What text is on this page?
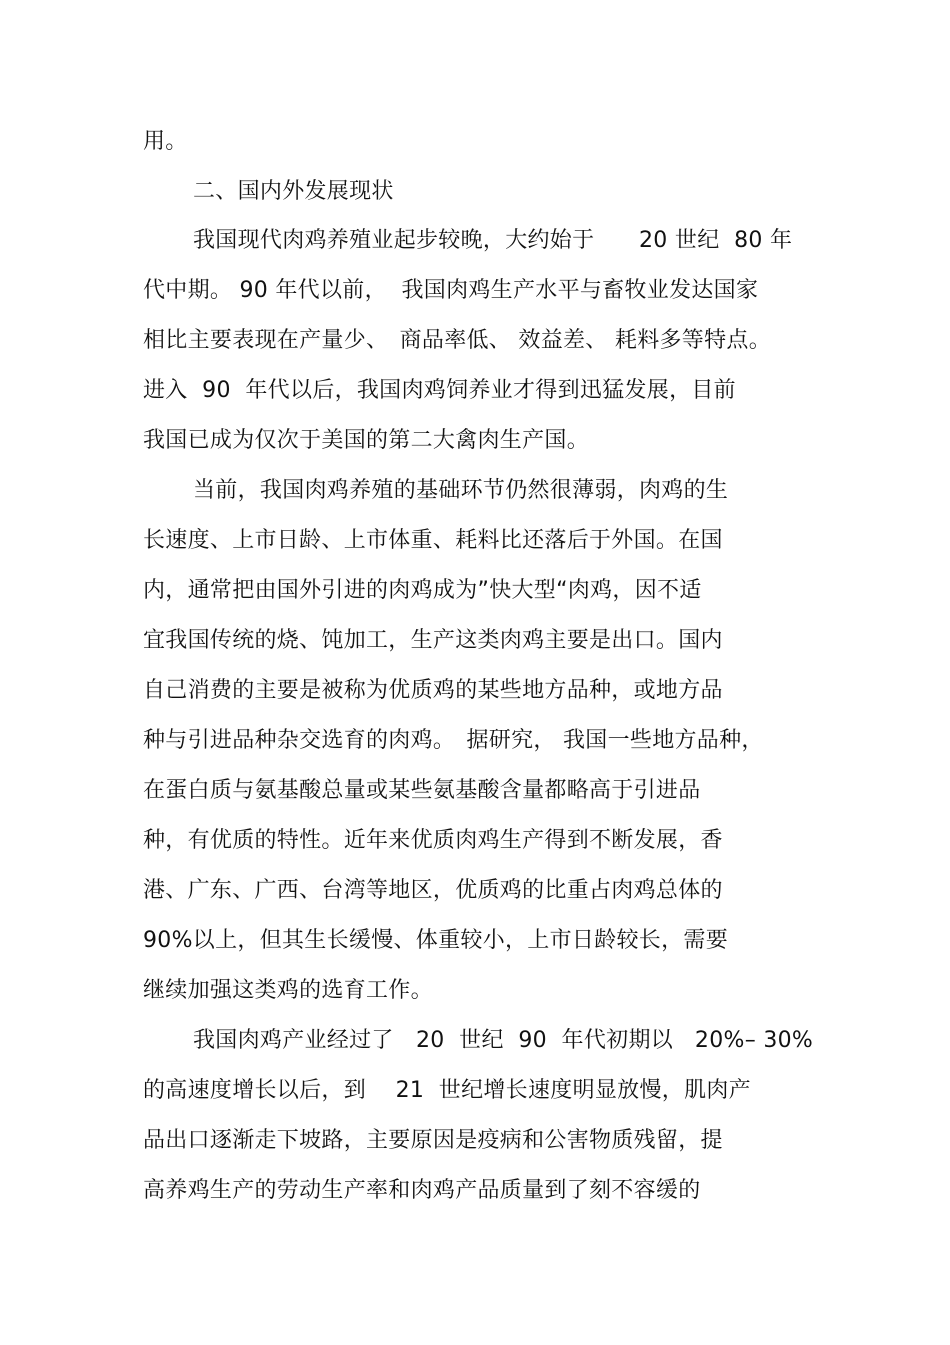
用。
二、国内外发展现状
我国现代肉鸡养殖业起步较晚，大约始于　　20 世纪  80 年
代中期。 90 年代以前，  我国肉鸡生产水平与畜牧业发达国家
相比主要表现在产量少、　商品率低、 效益差、 耗料多等特点。
进入  90  年代以后，我国肉鸡饲养业才得到迅猛发展，目前
我国已成为仅次于美国的第二大禽肉生产国。
当前，我国肉鸡养殖的基础环节仍然很薄弱，肉鸡的生
长速度、上市日龄、上市体重、耗料比还落后于外国。在国
内，通常把由国外引进的肉鸡成为”快大型“肉鸡，因不适
宜我国传统的烧、饨加工，生产这类肉鸡主要是出口。国内
自己消费的主要是被称为优质鸡的某些地方品种，或地方品
种与引进品种杂交选育的肉鸡。　据研究， 我国一些地方品种，
在蛋白质与氨基酸总量或某些氨基酸含量都略高于引进品
种，有优质的特性。近年来优质肉鸡生产得到不断发展，香
港、广东、广西、台湾等地区，优质鸡的比重占肉鸡总体的
90%以上，但其生长缓慢、体重较小，上市日龄较长，需要
继续加强这类鸡的选育工作。
我国肉鸡产业经过了　20  世纪  90  年代初期以   20%– 30%
的高速度增长以后，到　 21  世纪增长速度明显放慢，肌肉产
品出口逐渐走下坡路，主要原因是疫病和公害物质残留，提
高养鸡生产的劳动生产率和肉鸡产品质量到了刻不容缓的
